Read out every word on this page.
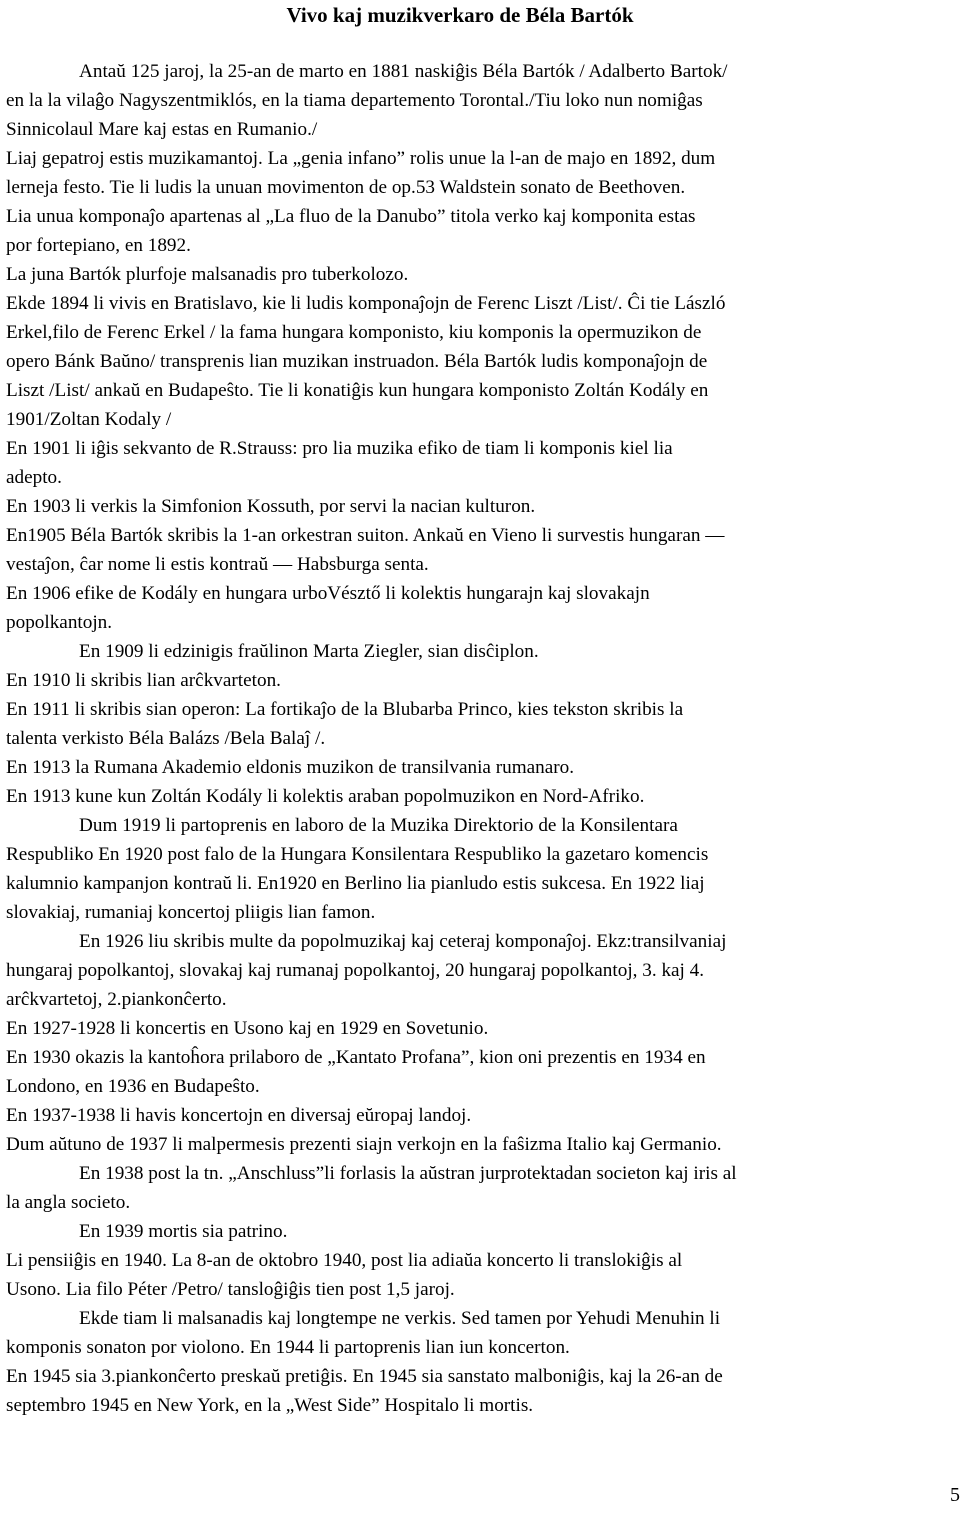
Vivo kaj muzikverkaro de Béla Bartók

Antaŭ 125 jaroj, la 25-an de marto en 1881 naskiĝis Béla Bartók / Adalberto Bartok/

en la la vilaĝo Nagyszentmiklós, en la tiama departemento Torontal./Tiu loko nun nomiĝas

Sinnicolaul Mare kaj estas en Rumanio./

Liaj gepatroj estis muzikamantoj. La „genia infano” rolis unue la l-an de majo en 1892, dum

lerneja festo. Tie li ludis la unuan movimenton de op.53 Waldstein sonato de Beethoven.

Lia unua komponaĵo apartenas al „La fluo de la Danubo” titola verko kaj komponita estas

por fortepiano, en 1892.

La juna Bartók plurfoje malsanadis pro tuberkolozo.

Ekde 1894 li vivis en Bratislavo, kie li ludis komponaĵojn de Ferenc Liszt /List/. Ĉi tie László

Erkel,filo de Ferenc Erkel / la fama hungara komponisto, kiu komponis la opermuzikon de

opero Bánk Baŭno/ transprenis lian muzikan instruadon. Béla Bartók ludis komponaĵojn de

Liszt /List/ ankaŭ en Budapeŝto. Tie li konatiĝis kun hungara komponisto Zoltán Kodály en

1901/Zoltan Kodaly /

En 1901 li iĝis sekvanto de R.Strauss: pro lia muzika efiko de tiam li komponis kiel lia

adepto.

En 1903 li verkis la Simfonion Kossuth, por servi la nacian kulturon.

En1905 Béla Bartók skribis la 1-an orkestran suiton. Ankaŭ en Vieno li survestis hungaran ―

vestaĵon, ĉar nome li estis kontraŭ ― Habsburga senta.

En 1906 efike de Kodály en hungara urboVésztő li kolektis hungarajn kaj slovakajn

popolkantojn.

En 1909 li edzinigis fraŭlinon Marta Ziegler, sian disĉiplon.

En 1910 li skribis lian arĉkvarteton.

En 1911 li skribis sian operon: La fortikaĵo de la Blubarba Princo, kies tekston skribis la

talenta verkisto Béla Balázs /Bela Balaĵ /.

En 1913 la Rumana Akademio eldonis muzikon de transilvania rumanaro.

En 1913 kune kun Zoltán Kodály li kolektis araban popolmuzikon en Nord-Afriko.

Dum 1919 li partoprenis en laboro de la Muzika Direktorio de la Konsilentara

Respubliko En 1920 post falo de la Hungara Konsilentara Respubliko la gazetaro komencis

kalumnio kampanjon kontraŭ li. En1920 en Berlino lia pianludo estis sukcesa. En 1922 liaj

slovakiaj, rumaniaj koncertoj pliigis lian famon.

En 1926 liu skribis multe da popolmuzikaj kaj ceteraj komponaĵoj. Ekz:transilvaniaj

hungaraj popolkantoj, slovakaj kaj rumanaj popolkantoj, 20 hungaraj popolkantoj, 3. kaj 4.

arĉkvartetoj, 2.piankonĉerto.

En 1927-1928 li koncertis en Usono kaj en 1929 en Sovetunio.

En 1930 okazis la kantoĥora prilaboro de „Kantato Profana”, kion oni prezentis en 1934 en

Londono, en 1936 en Budapeŝto.

En 1937-1938 li havis koncertojn en diversaj eŭropaj landoj.

Dum aŭtuno de 1937 li malpermesis prezenti siajn verkojn en la faŝizma Italio kaj Germanio.

En 1938 post la tn. „Anschluss”li forlasis la aŭstran jurprotektadan societon kaj iris al

la angla societo.

En 1939 mortis sia patrino.

Li pensiiĝis en 1940. La 8-an de oktobro 1940, post lia adiaŭa koncerto li translokiĝis al

Usono. Lia filo Péter /Petro/ tansloĝiĝis tien post 1,5 jaroj.

Ekde tiam li malsanadis kaj longtempe ne verkis. Sed tamen por Yehudi Menuhin li

komponis sonaton por violono. En 1944 li partoprenis lian iun koncerton.

En 1945 sia 3.piankonĉerto preskaŭ pretiĝis. En 1945 sia sanstato malboniĝis, kaj la 26-an de

septembro 1945 en New York, en la „West Side” Hospitalo li mortis.

5
